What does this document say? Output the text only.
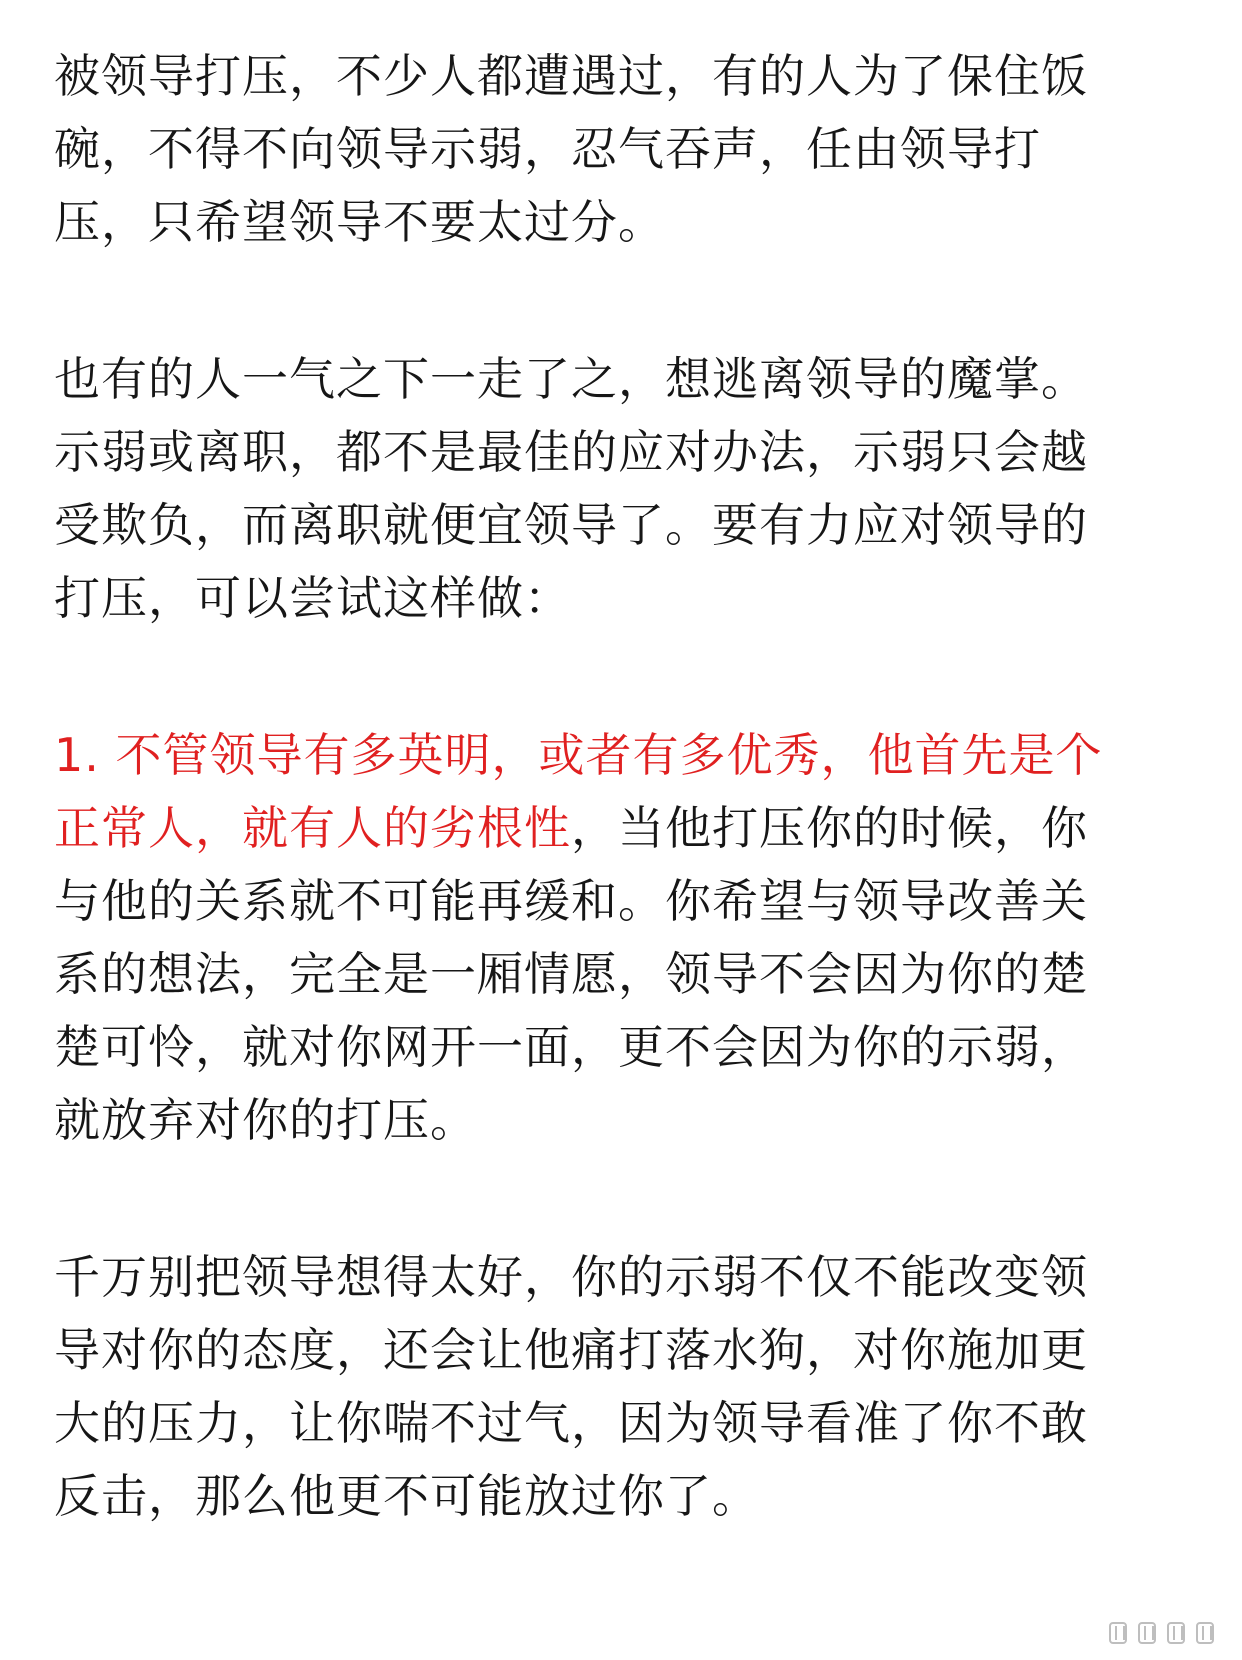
被领导打压，不少人都遭遇过，有的人为了保住饭
碗，不得不向领导示弱，忍气吞声，任由领导打
压，只希望领导不要太过分。
也有的人一气之下一走了之，想逃离领导的魔掌。
示弱或离职，都不是最佳的应对办法，示弱只会越
受欺负，而离职就便宜领导了。要有力应对领导的
打压，可以尝试这样做：
1. 不管领导有多英明，或者有多优秀，他首先是个
正常人，就有人的劣根性，当他打压你的时候，你
与他的关系就不可能再缓和。你希望与领导改善关
系的想法，完全是一厢情愿，领导不会因为你的楚
楚可怜，就对你网开一面，更不会因为你的示弱，
就放弃对你的打压。
千万别把领导想得太好，你的示弱不仅不能改变领
导对你的态度，还会让他痛打落水狗，对你施加更
大的压力，让你喘不过气，因为领导看准了你不敢
反击，那么他更不可能放过你了。
